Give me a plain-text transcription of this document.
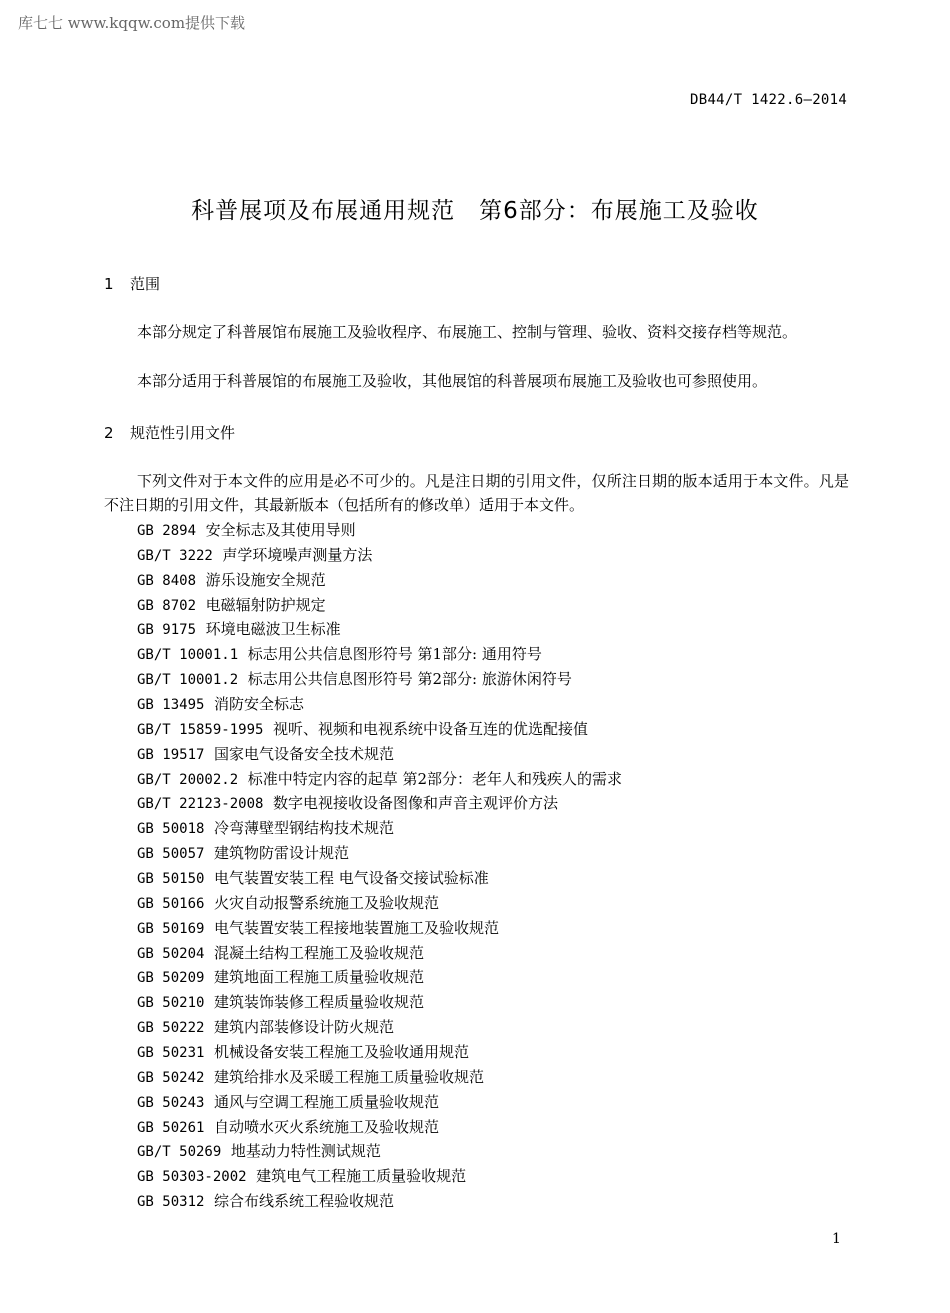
库七七 www.kqqw.com提供下载
DB44/T 1422.6—2014
科普展项及布展通用规范　第6部分：布展施工及验收
1 范围
本部分规定了科普展馆布展施工及验收程序、布展施工、控制与管理、验收、资料交接存档等规范。
本部分适用于科普展馆的布展施工及验收，其他展馆的科普展项布展施工及验收也可参照使用。
2 规范性引用文件
下列文件对于本文件的应用是必不可少的。凡是注日期的引用文件，仅所注日期的版本适用于本文件。凡是不注日期的引用文件，其最新版本（包括所有的修改单）适用于本文件。
GB 2894 安全标志及其使用导则
GB/T 3222 声学环境噪声测量方法
GB 8408 游乐设施安全规范
GB 8702 电磁辐射防护规定
GB 9175 环境电磁波卫生标准
GB/T 10001.1 标志用公共信息图形符号 第1部分: 通用符号
GB/T 10001.2 标志用公共信息图形符号 第2部分: 旅游休闲符号
GB 13495 消防安全标志
GB/T 15859-1995 视听、视频和电视系统中设备互连的优选配接值
GB 19517 国家电气设备安全技术规范
GB/T 20002.2 标准中特定内容的起草 第2部分：老年人和残疾人的需求
GB/T 22123-2008 数字电视接收设备图像和声音主观评价方法
GB 50018 冷弯薄壁型钢结构技术规范
GB 50057 建筑物防雷设计规范
GB 50150 电气装置安装工程 电气设备交接试验标准
GB 50166 火灾自动报警系统施工及验收规范
GB 50169 电气装置安装工程接地装置施工及验收规范
GB 50204 混凝土结构工程施工及验收规范
GB 50209 建筑地面工程施工质量验收规范
GB 50210 建筑装饰装修工程质量验收规范
GB 50222 建筑内部装修设计防火规范
GB 50231 机械设备安装工程施工及验收通用规范
GB 50242 建筑给排水及采暖工程施工质量验收规范
GB 50243 通风与空调工程施工质量验收规范
GB 50261 自动喷水灭火系统施工及验收规范
GB/T 50269 地基动力特性测试规范
GB 50303-2002 建筑电气工程施工质量验收规范
GB 50312 综合布线系统工程验收规范
1
